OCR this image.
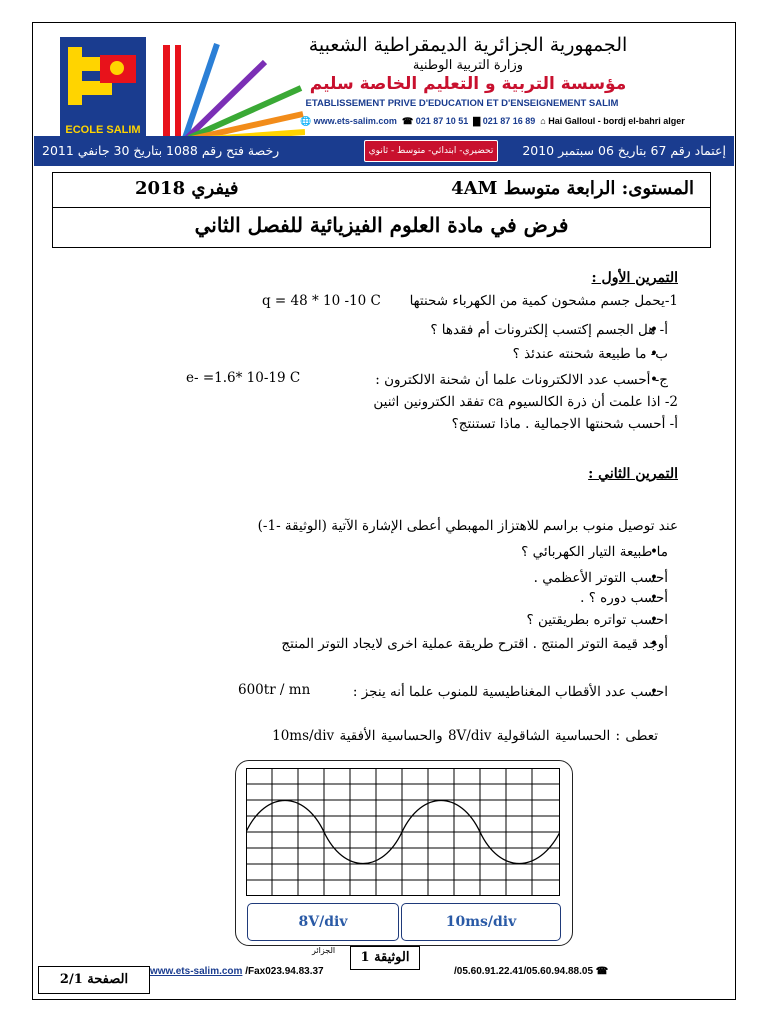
ECOLE SALIM
الجمهورية الجزائرية الديمقراطية الشعبية
وزارة التربية الوطنية
مؤسسة التربية و التعليم الخاصة سليم
ETABLISSEMENT PRIVE D'EDUCATION ET D'ENSEIGNEMENT SALIM
🌐 www.ets-salim.com ☎ 021 87 10 51 ▇ 021 87 16 89 ⌂ Hai Galloul - bordj el-bahri alger
إعتماد رقم 67 بتاريخ 06 سبتمبر 2010
تحضيري- ابتدائي- متوسط - ثانوي
رخصة فتح رقم 1088 بتاريخ 30 جانفي 2011
المستوى: الرابعة متوسط 4AM
فيفري 2018
فرض في مادة العلوم الفيزيائية للفصل الثاني
التمرين الأول :
1-يحمل جسم مشحون كمية من الكهرباء شحنتها
q = 48 * 10 -10 C
أ- هل الجسم إكتسب إلكترونات أم فقدها ؟
•
ب- ما طبيعة شحنته عندئذ ؟
•
ج- أحسب عدد الالكترونات علما أن شحنة الالكترون :
•
e- =1.6* 10-19 C
2- اذا علمت أن ذرة الكالسيوم ca تفقد الكترونين اثنين
أ- أحسب شحنتها الاجمالية . ماذا تستنتج؟
التمرين الثاني :
عند توصيل منوب براسم للاهتزاز المهبطي أعطى الإشارة الآتية (الوثيقة -1-)
ما طبيعة التيار الكهربائي ؟
•
أحسب التوتر الأعظمي .
•
أحسب دوره ؟ .
•
احسب تواتره بطريقتين ؟
•
أوجد قيمة التوتر المنتج . اقترح طريقة عملية اخرى لايجاد التوتر المنتج
•
احسب عدد الأقطاب المغناطيسية للمنوب علما أنه ينجز :
•
600tr / mn
تعطى : الحساسية الشاقولية 8V/div والحساسية الأفقية 10ms/div
8V/div	10ms/div
الجزائر
www.ets-salim.com /Fax023.94.83.37	/05.60.91.22.41/05.60.94.88.05 ☎
الوثيقة 1
الصفحة 2/1
